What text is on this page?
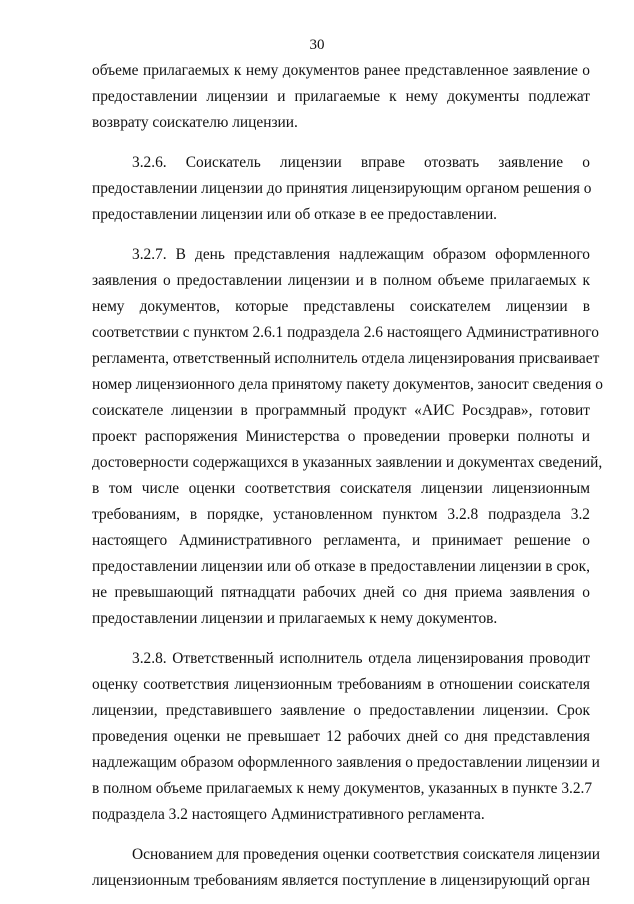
30
объеме прилагаемых к нему документов ранее представленное заявление о
предоставлении лицензии и прилагаемые к нему документы подлежат
возврату соискателю лицензии.
3.2.6. Соискатель лицензии вправе отозвать заявление о
предоставлении лицензии до принятия лицензирующим органом решения о
предоставлении лицензии или об отказе в ее предоставлении.
3.2.7. В день представления надлежащим образом оформленного
заявления о предоставлении лицензии и в полном объеме прилагаемых к
нему документов, которые представлены соискателем лицензии в
соответствии с пунктом 2.6.1 подраздела 2.6 настоящего Административного
регламента, ответственный исполнитель отдела лицензирования присваивает
номер лицензионного дела принятому пакету документов, заносит сведения о
соискателе лицензии в программный продукт «АИС Росздрав», готовит
проект распоряжения Министерства о проведении проверки полноты и
достоверности содержащихся в указанных заявлении и документах сведений,
в том числе оценки соответствия соискателя лицензии лицензионным
требованиям, в порядке, установленном пунктом 3.2.8 подраздела 3.2
настоящего Административного регламента, и принимает решение о
предоставлении лицензии или об отказе в предоставлении лицензии в срок,
не превышающий пятнадцати рабочих дней со дня приема заявления о
предоставлении лицензии и прилагаемых к нему документов.
3.2.8. Ответственный исполнитель отдела лицензирования проводит
оценку соответствия лицензионным требованиям в отношении соискателя
лицензии, представившего заявление о предоставлении лицензии. Срок
проведения оценки не превышает 12 рабочих дней со дня представления
надлежащим образом оформленного заявления о предоставлении лицензии и
в полном объеме прилагаемых к нему документов, указанных в пункте 3.2.7
подраздела 3.2 настоящего Административного регламента.
Основанием для проведения оценки соответствия соискателя лицензии
лицензионным требованиям является поступление в лицензирующий орган
